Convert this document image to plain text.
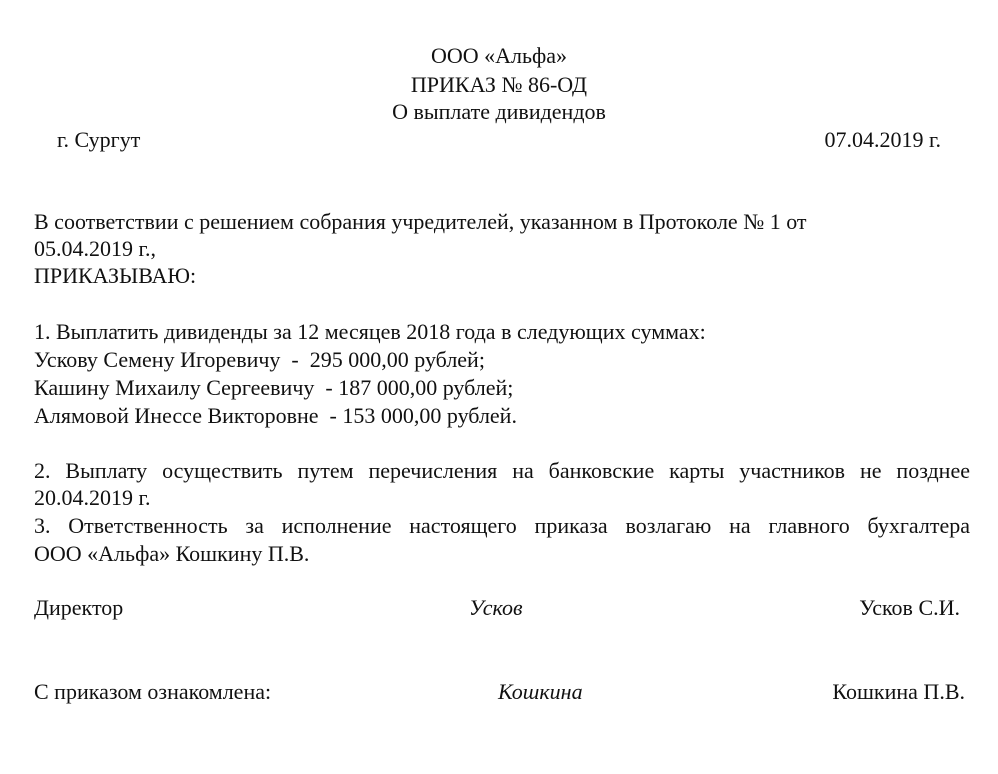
ООО «Альфа»
ПРИКАЗ № 86-ОД
О выплате дивидендов
г. Сургут	07.04.2019 г.
В соответствии с решением собрания учредителей, указанном в Протоколе № 1 от
05.04.2019 г.,
ПРИКАЗЫВАЮ:
1. Выплатить дивиденды за 12 месяцев 2018 года в следующих суммах:
Ускову Семену Игоревичу  -  295 000,00 рублей;
Кашину Михаилу Сергеевичу  - 187 000,00 рублей;
Алямовой Инессе Викторовне  - 153 000,00 рублей.
2. Выплату осуществить путем перечисления на банковские карты участников не позднее
20.04.2019 г.
3. Ответственность за исполнение настоящего приказа возлагаю на главного бухгалтера
ООО «Альфа» Кошкину П.В.
Директор	Усков	Усков С.И.
С приказом ознакомлена:	Кошкина	Кошкина П.В.
